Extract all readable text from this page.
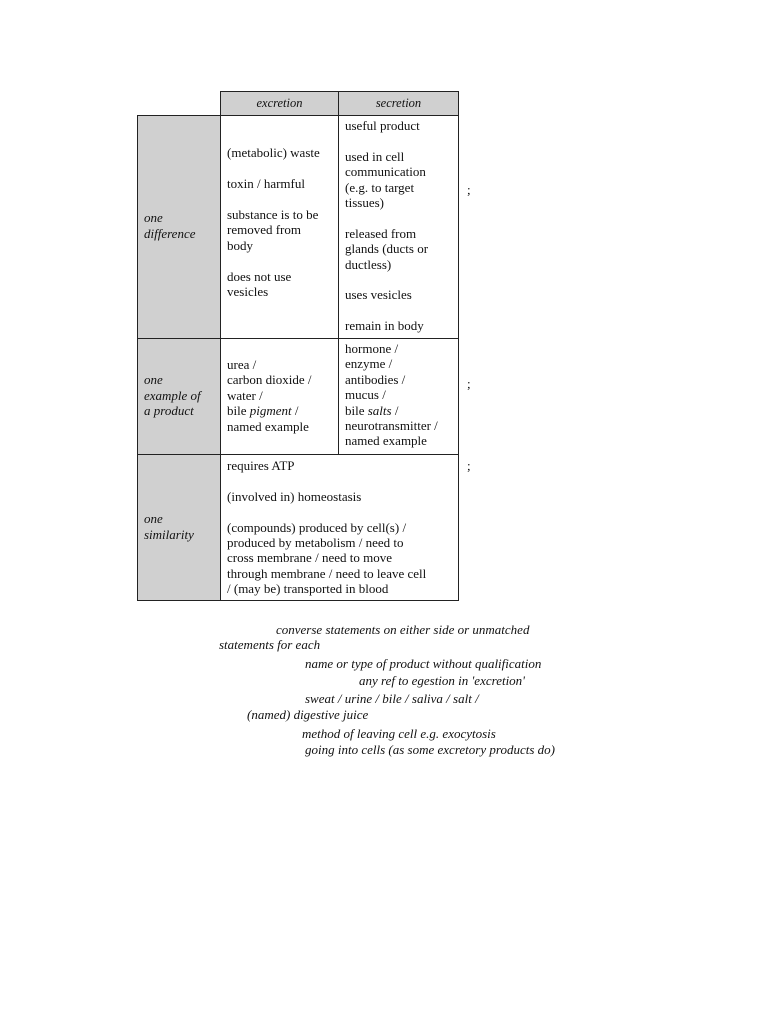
excretion	secretion
one
difference
(metabolic) waste
toxin / harmful
substance is to be
removed from
body
does not use
vesicles
useful product
used in cell
communication
(e.g. to target
tissues)
released from
glands (ducts or
ductless)
uses vesicles
remain in body
;
one
example of
a product
urea /
carbon dioxide /
water /
bile pigment /
named example
hormone /
enzyme /
antibodies /
mucus /
bile salts /
neurotransmitter /
named example
;
one
similarity
requires ATP
(involved in) homeostasis
(compounds) produced by cell(s) /
produced by metabolism / need to
cross membrane / need to move
through membrane / need to leave cell
/ (may be) transported in blood
;
converse statements on either side or unmatched
statements for each
name or type of product without qualification
any ref to egestion in 'excretion'
sweat / urine / bile / saliva / salt /
(named) digestive juice
method of leaving cell e.g. exocytosis
going into cells (as some excretory products do)
